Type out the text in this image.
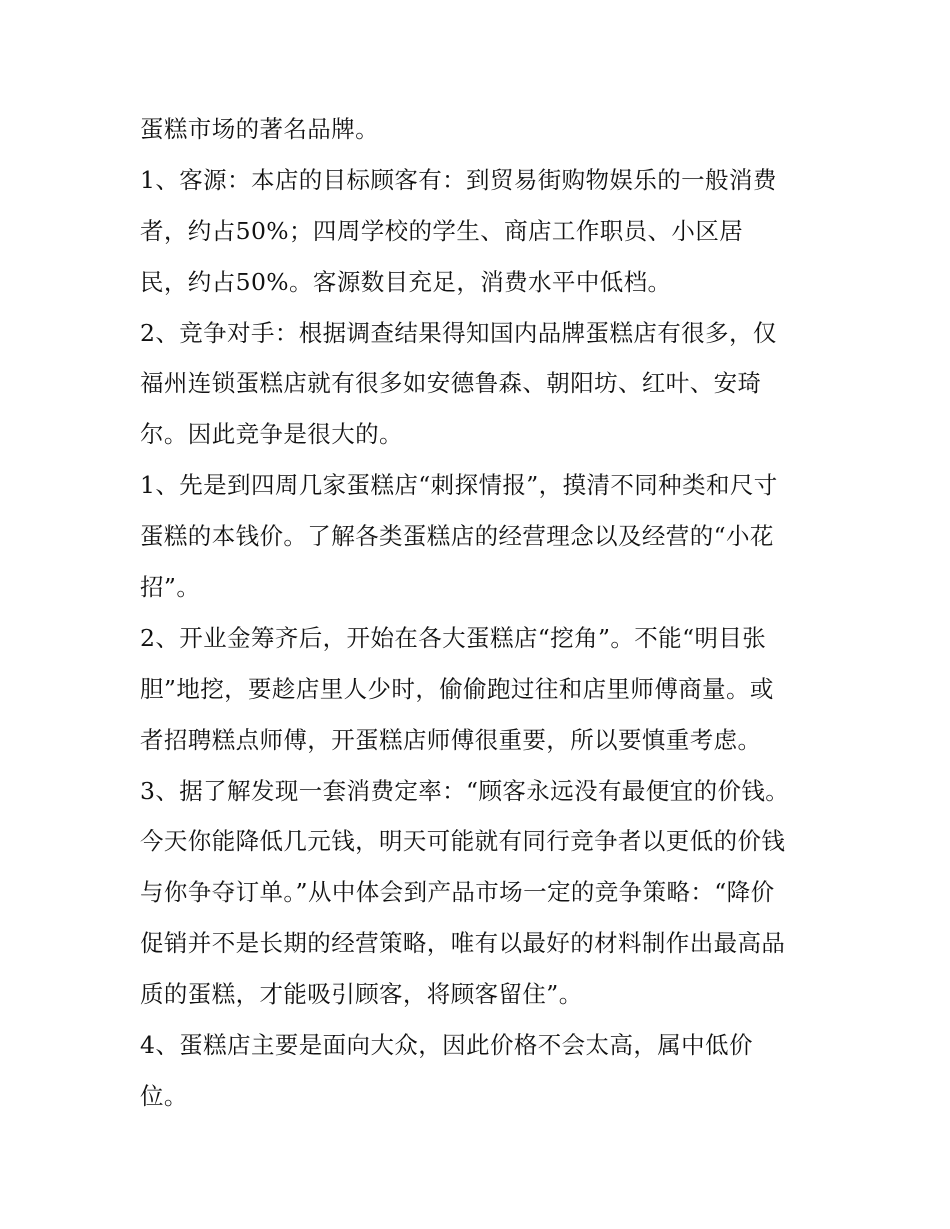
蛋糕市场的著名品牌。
1、客源：本店的目标顾客有：到贸易街购物娱乐的一般消费
者，约占50%；四周学校的学生、商店工作职员、小区居
民，约占50%。客源数目充足，消费水平中低档。
2、竞争对手：根据调查结果得知国内品牌蛋糕店有很多，仅
福州连锁蛋糕店就有很多如安德鲁森、朝阳坊、红叶、安琦
尔。因此竞争是很大的。
1、先是到四周几家蛋糕店“刺探情报”，摸清不同种类和尺寸
蛋糕的本钱价。了解各类蛋糕店的经营理念以及经营的“小花
招”。
2、开业金筹齐后，开始在各大蛋糕店“挖角”。不能“明目张
胆”地挖，要趁店里人少时，偷偷跑过往和店里师傅商量。或
者招聘糕点师傅，开蛋糕店师傅很重要，所以要慎重考虑。
3、据了解发现一套消费定率：“顾客永远没有最便宜的价钱。
今天你能降低几元钱，明天可能就有同行竞争者以更低的价钱
与你争夺订单。”从中体会到产品市场一定的竞争策略：“降价
促销并不是长期的经营策略，唯有以最好的材料制作出最高品
质的蛋糕，才能吸引顾客，将顾客留住”。
4、蛋糕店主要是面向大众，因此价格不会太高，属中低价
位。
